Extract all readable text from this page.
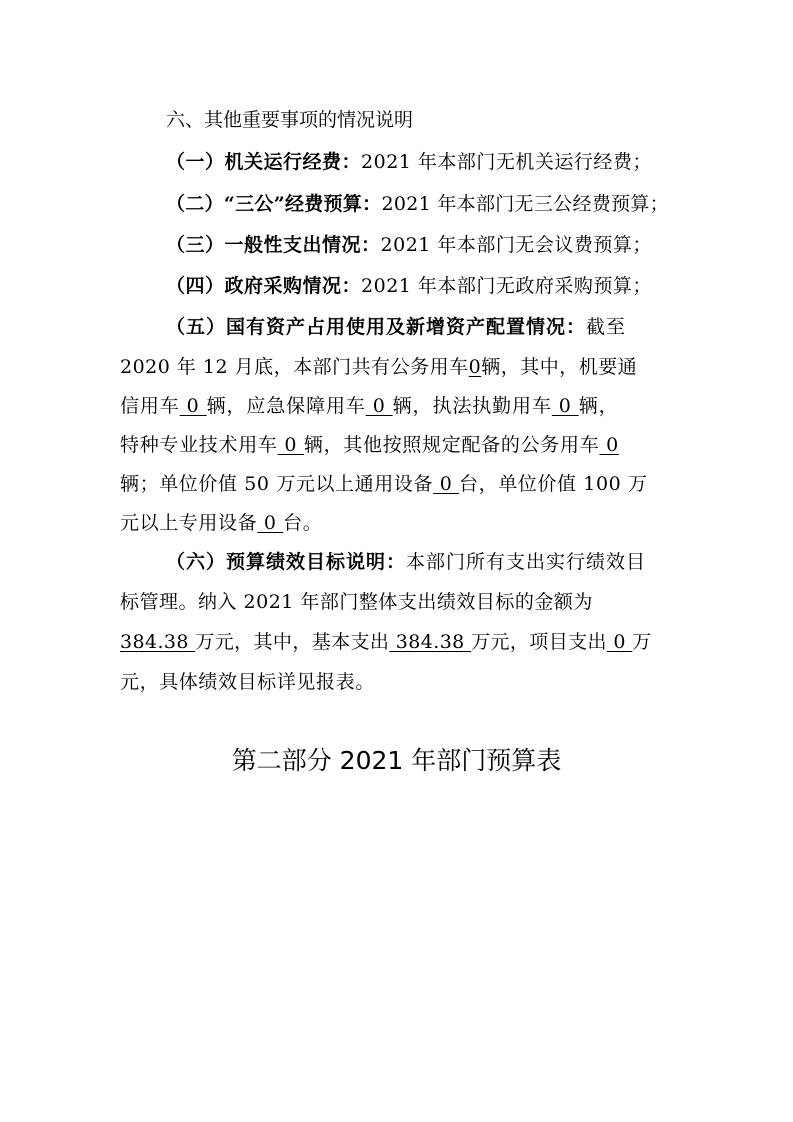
六、其他重要事项的情况说明
（一）机关运行经费：2021 年本部门无机关运行经费；
（二）“三公”经费预算：2021 年本部门无三公经费预算；
（三）一般性支出情况：2021 年本部门无会议费预算；
（四）政府采购情况：2021 年本部门无政府采购预算；
（五）国有资产占用使用及新增资产配置情况：截至
2020 年 12 月底，本部门共有公务用车0辆，其中，机要通
信用车 0 辆，应急保障用车 0 辆，执法执勤用车 0 辆，
特种专业技术用车 0 辆，其他按照规定配备的公务用车 0
辆；单位价值 50 万元以上通用设备 0 台，单位价值 100 万
元以上专用设备 0 台。
（六）预算绩效目标说明：本部门所有支出实行绩效目
标管理。纳入 2021 年部门整体支出绩效目标的金额为
384.38 万元，其中，基本支出 384.38 万元，项目支出 0 万
元，具体绩效目标详见报表。
第二部分 2021 年部门预算表
